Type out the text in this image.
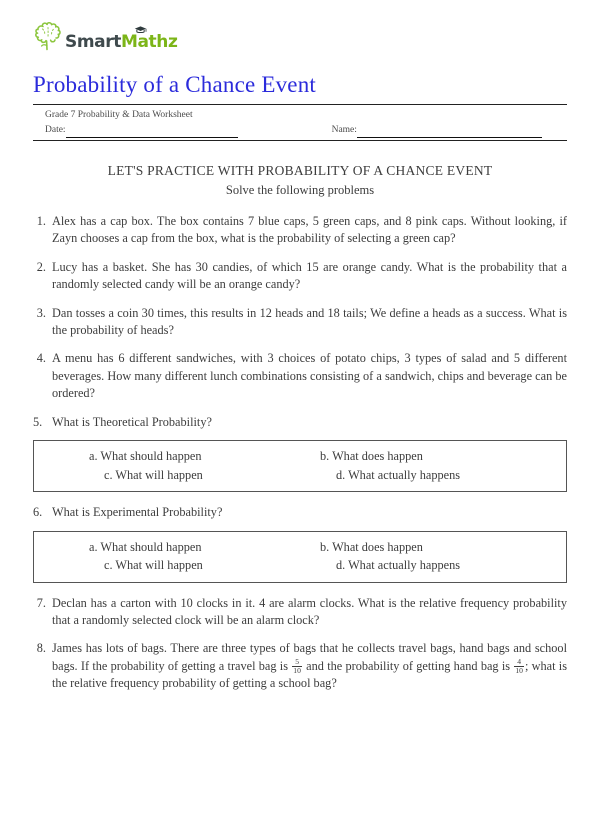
Smart
Mathz
Probability of a Chance Event
Grade 7 Probability & Data Worksheet
Date:	Name:
LET'S PRACTICE WITH PROBABILITY OF A CHANCE EVENT
Solve the following problems
1. Alex has a cap box. The box contains 7 blue caps, 5 green caps, and 8 pink caps. Without looking, if Zayn chooses a cap from the box, what is the probability of selecting a green cap?
2. Lucy has a basket. She has 30 candies, of which 15 are orange candy. What is the probability that a randomly selected candy will be an orange candy?
3. Dan tosses a coin 30 times, this results in 12 heads and 18 tails; We define a heads as a success. What is the probability of heads?
4. A menu has 6 different sandwiches, with 3 choices of potato chips, 3 types of salad and 5 different beverages. How many different lunch combinations consisting of a sandwich, chips and beverage can be ordered?
5. What is Theoretical Probability?
a. What should happen	b. What does happen
c. What will happen	d. What actually happens
6. What is Experimental Probability?
a. What should happen	b. What does happen
c. What will happen	d. What actually happens
7. Declan has a carton with 10 clocks in it. 4 are alarm clocks. What is the relative frequency probability that a randomly selected clock will be an alarm clock?
8. James has lots of bags. There are three types of bags that he collects travel bags, hand bags and school bags. If the probability of getting a travel bag is $\frac{5}{10}$ and the probability of getting hand bag is $\frac{4}{10}$ ; what is the relative frequency probability of getting a school bag?
